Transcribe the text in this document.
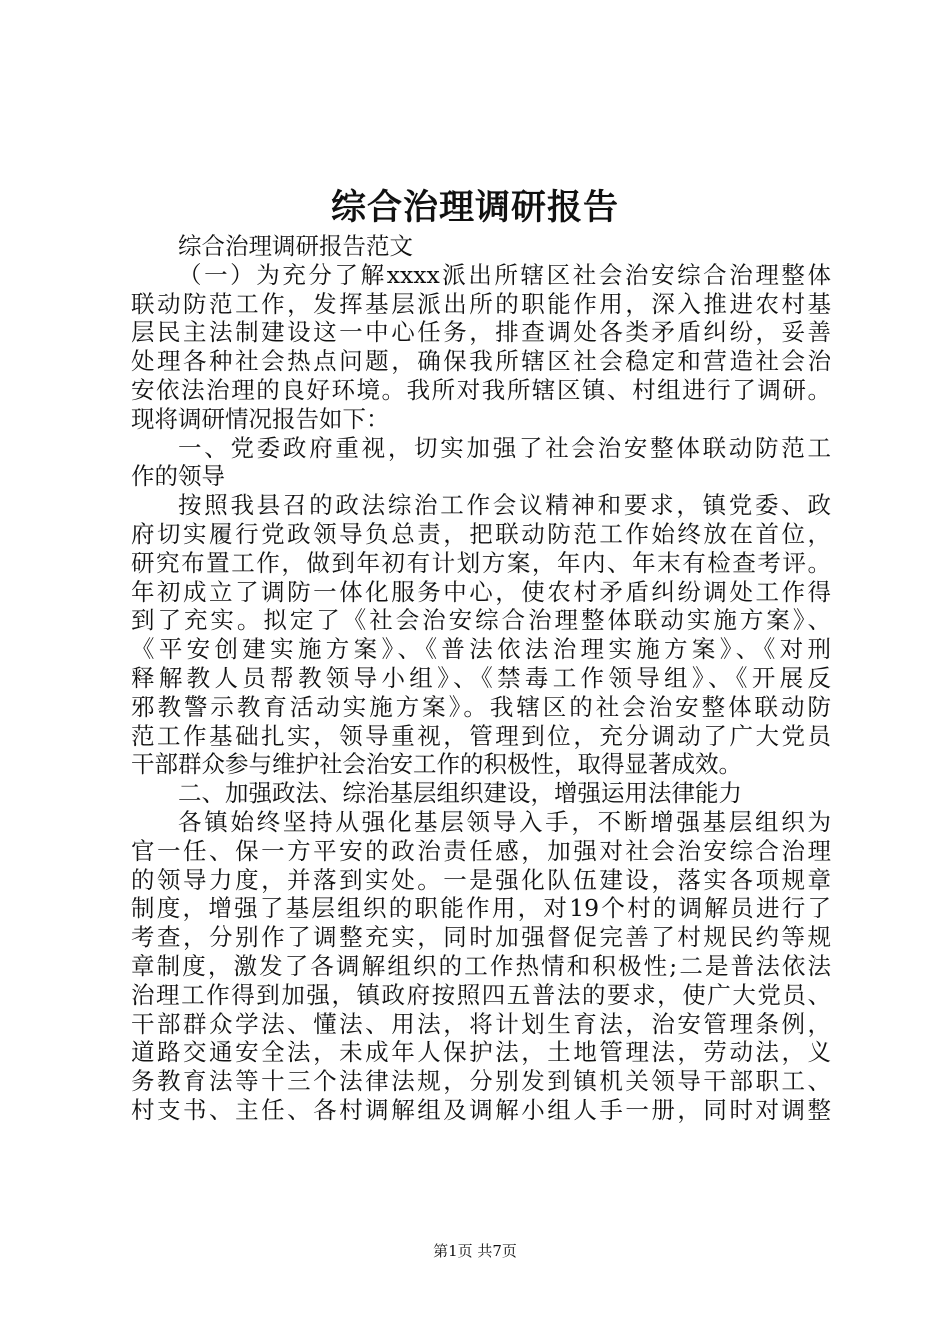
综合治理调研报告
综合治理调研报告范文
（一）为充分了解xxxx派出所辖区社会治安综合治理整体
联动防范工作，发挥基层派出所的职能作用，深入推进农村基
层民主法制建设这一中心任务，排查调处各类矛盾纠纷，妥善
处理各种社会热点问题，确保我所辖区社会稳定和营造社会治
安依法治理的良好环境。我所对我所辖区镇、村组进行了调研。
现将调研情况报告如下：
一、党委政府重视，切实加强了社会治安整体联动防范工
作的领导
按照我县召的政法综治工作会议精神和要求，镇党委、政
府切实履行党政领导负总责，把联动防范工作始终放在首位，
研究布置工作，做到年初有计划方案，年内、年末有检查考评。
年初成立了调防一体化服务中心，使农村矛盾纠纷调处工作得
到了充实。拟定了《社会治安综合治理整体联动实施方案》、
《平安创建实施方案》、《普法依法治理实施方案》、《对刑
释解教人员帮教领导小组》、《禁毒工作领导组》、《开展反
邪教警示教育活动实施方案》。我辖区的社会治安整体联动防
范工作基础扎实，领导重视，管理到位，充分调动了广大党员
干部群众参与维护社会治安工作的积极性，取得显著成效。
二、加强政法、综治基层组织建设，增强运用法律能力
各镇始终坚持从强化基层领导入手，不断增强基层组织为
官一任、保一方平安的政治责任感，加强对社会治安综合治理
的领导力度，并落到实处。一是强化队伍建设，落实各项规章
制度，增强了基层组织的职能作用，对19个村的调解员进行了
考查，分别作了调整充实，同时加强督促完善了村规民约等规
章制度，激发了各调解组织的工作热情和积极性;二是普法依法
治理工作得到加强，镇政府按照四五普法的要求，使广大党员、
干部群众学法、懂法、用法，将计划生育法，治安管理条例，
道路交通安全法，未成年人保护法，土地管理法，劳动法，义
务教育法等十三个法律法规，分别发到镇机关领导干部职工、
村支书、主任、各村调解组及调解小组人手一册，同时对调整
第1页 共7页
